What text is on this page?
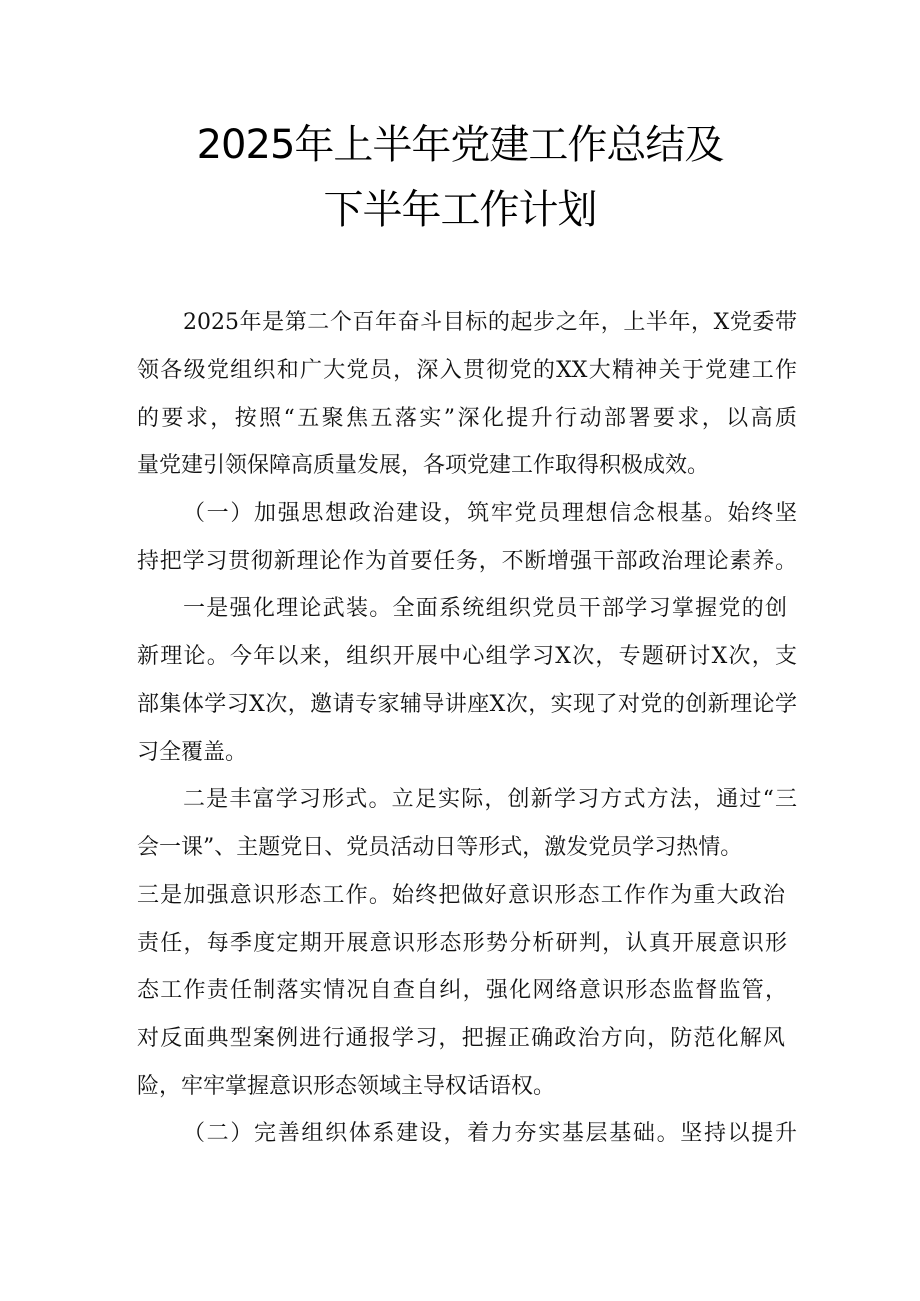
2025年上半年党建工作总结及
下半年工作计划
2025年是第二个百年奋斗目标的起步之年，上半年，X党委带
领各级党组织和广大党员，深入贯彻党的XX大精神关于党建工作
的要求，按照“五聚焦五落实”深化提升行动部署要求，以高质
量党建引领保障高质量发展，各项党建工作取得积极成效。
（一）加强思想政治建设，筑牢党员理想信念根基。始终坚
持把学习贯彻新理论作为首要任务，不断增强干部政治理论素养。
一是强化理论武装。全面系统组织党员干部学习掌握党的创
新理论。今年以来，组织开展中心组学习X次，专题研讨X次，支
部集体学习X次，邀请专家辅导讲座X次，实现了对党的创新理论学
习全覆盖。
二是丰富学习形式。立足实际，创新学习方式方法，通过“三
会一课”、主题党日、党员活动日等形式，激发党员学习热情。
三是加强意识形态工作。始终把做好意识形态工作作为重大政治
责任，每季度定期开展意识形态形势分析研判，认真开展意识形
态工作责任制落实情况自查自纠，强化网络意识形态监督监管，
对反面典型案例进行通报学习，把握正确政治方向，防范化解风
险，牢牢掌握意识形态领域主导权话语权。
（二）完善组织体系建设，着力夯实基层基础。坚持以提升
